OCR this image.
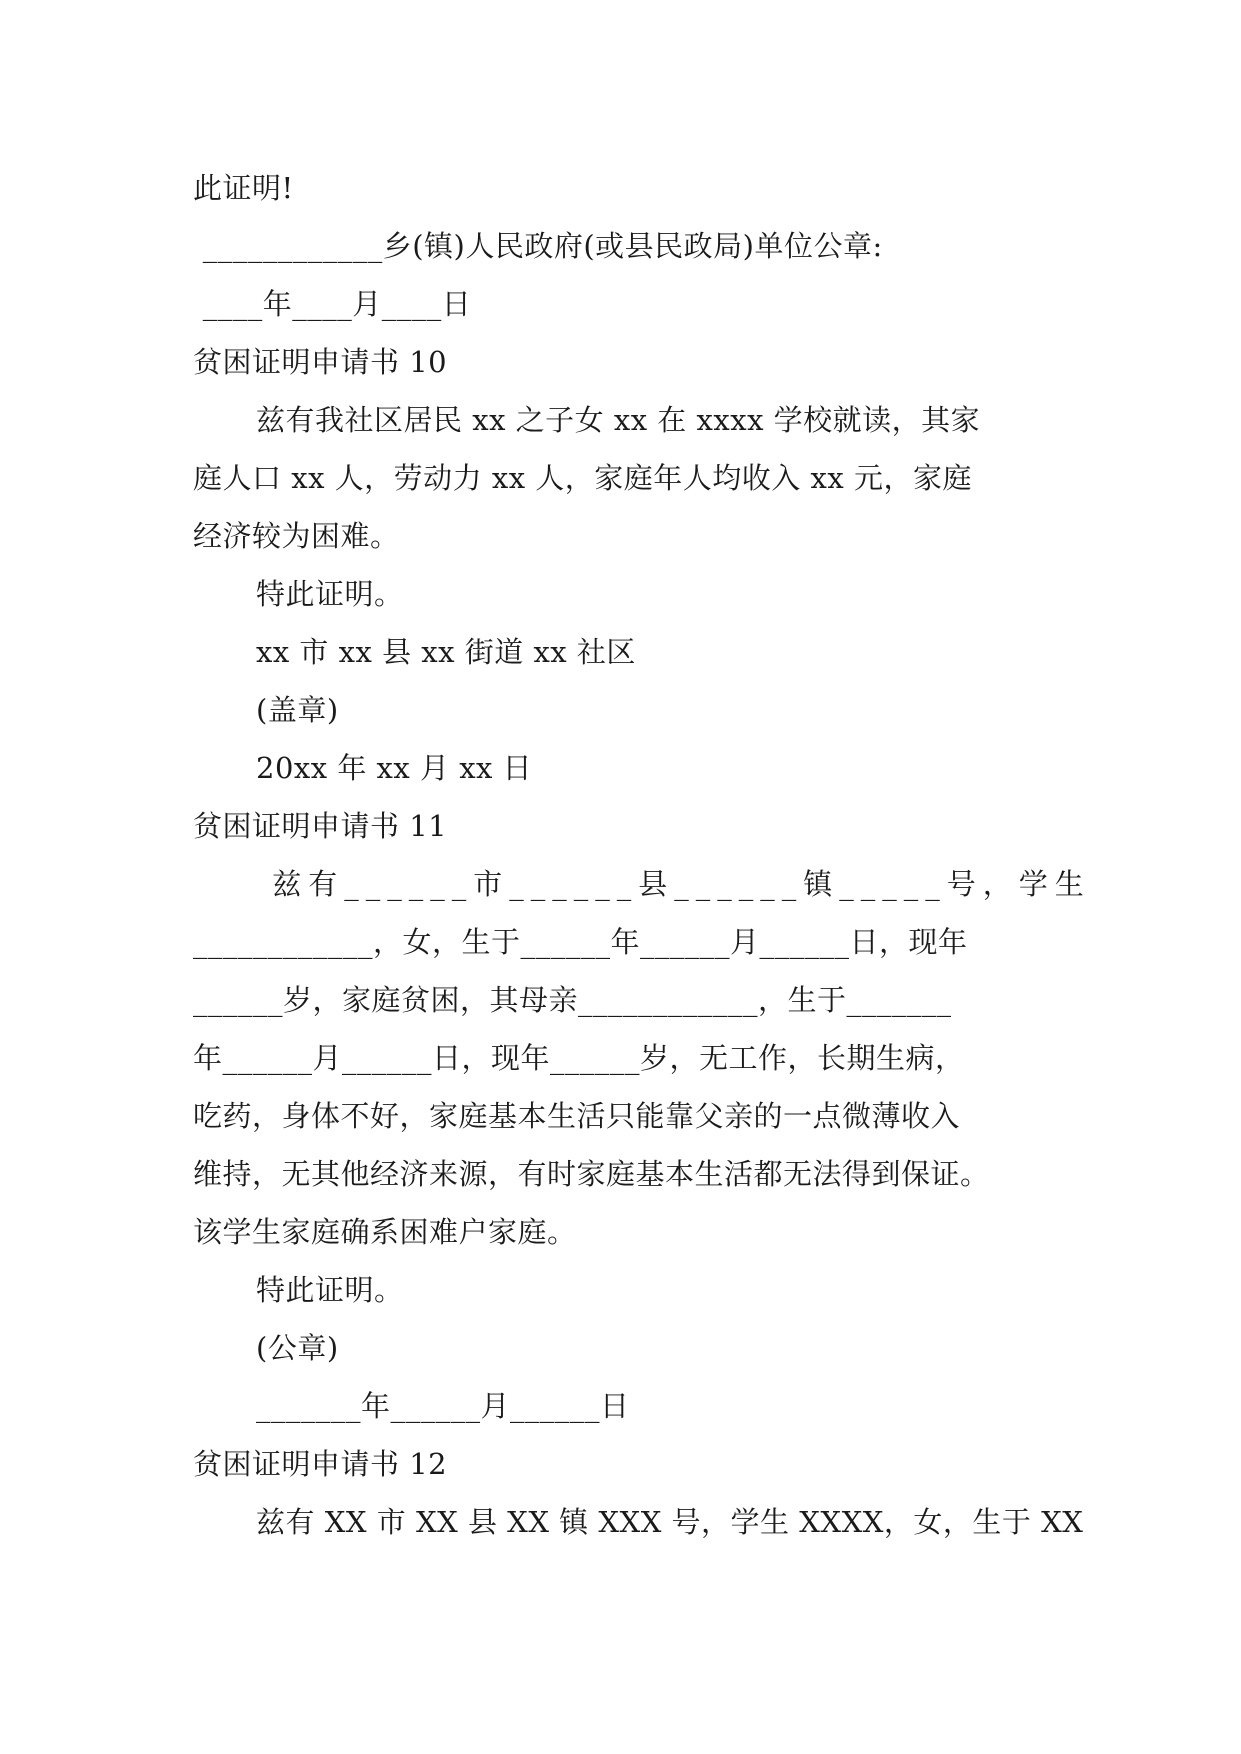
此证明!
____________乡(镇)人民政府(或县民政局)单位公章:
____年____月____日
贫困证明申请书 10
兹有我社区居民 xx 之子女 xx 在 xxxx 学校就读，其家
庭人口 xx 人，劳动力 xx 人，家庭年人均收入 xx 元，家庭
经济较为困难。
特此证明。
xx 市 xx 县 xx 街道 xx 社区
(盖章)
20xx 年 xx 月 xx 日
贫困证明申请书 11
兹有______市______县______镇_____号，学生
____________，女，生于______年______月______日，现年
______岁，家庭贫困，其母亲____________，生于_______
年______月______日，现年______岁，无工作，长期生病，
吃药，身体不好，家庭基本生活只能靠父亲的一点微薄收入
维持，无其他经济来源，有时家庭基本生活都无法得到保证。
该学生家庭确系困难户家庭。
特此证明。
(公章)
_______年______月______日
贫困证明申请书 12
兹有 XX 市 XX 县 XX 镇 XXX 号，学生 XXXX，女，生于 XX
